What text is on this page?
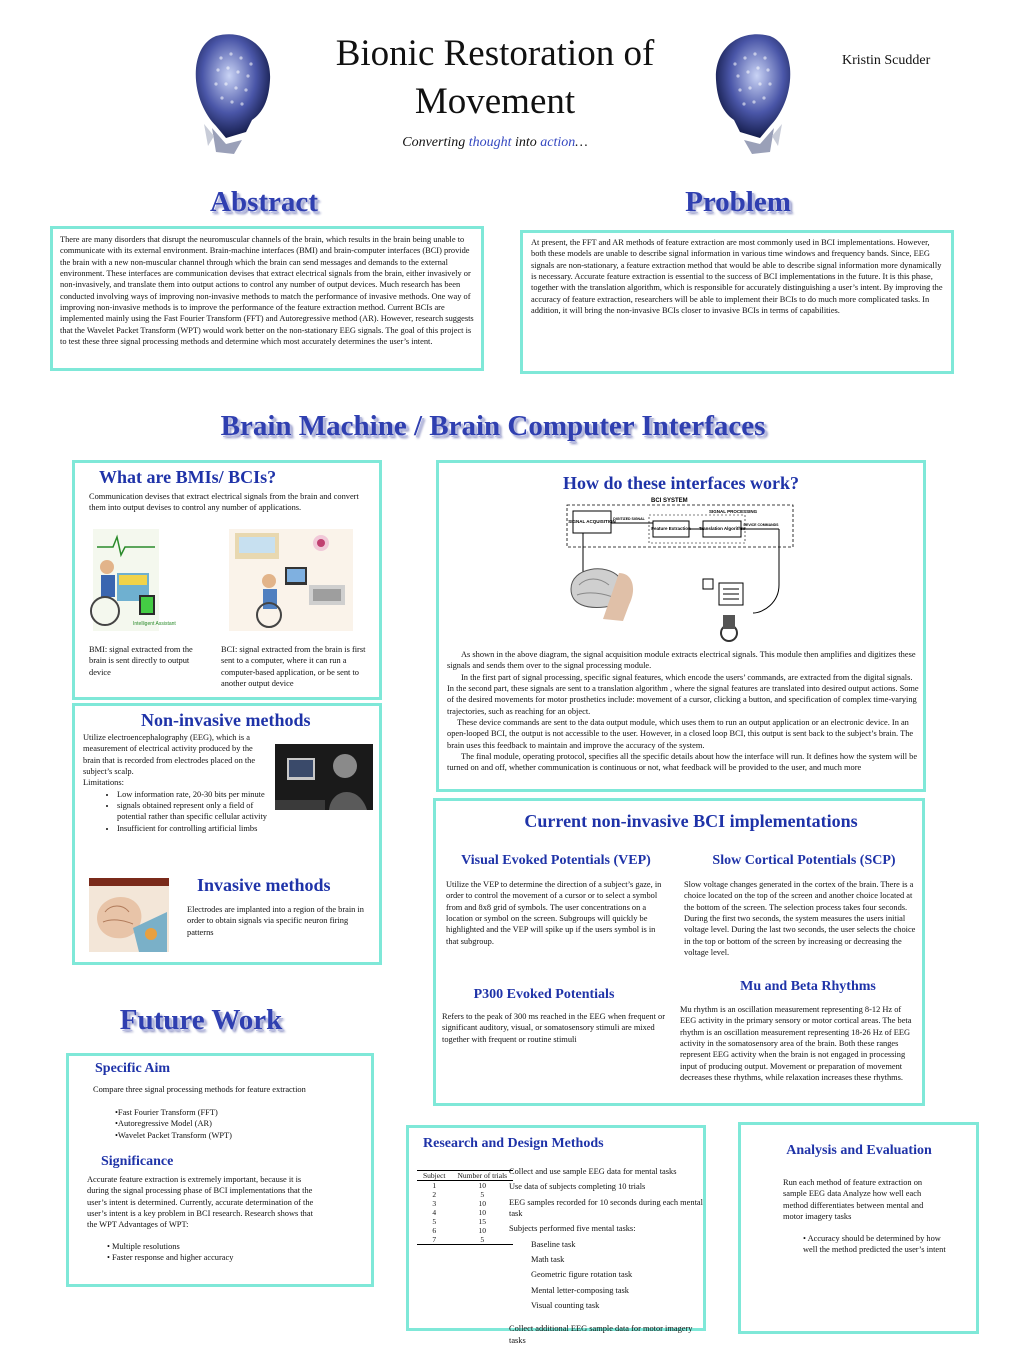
Bionic Restoration of Movement
Converting thought into action…
Kristin Scudder
Abstract
There are many disorders that disrupt the neuromuscular channels of the brain, which results in the brain being unable to communicate with its external environment. Brain-machine interfaces (BMI) and brain-computer interfaces (BCI) provide the brain with a new non-muscular channel through which the brain can send messages and demands to the external environment. These interfaces are communication devises that extract electrical signals from the brain, either invasively or non-invasively, and translate them into output actions to control any number of output devices. Much research has been conducted involving ways of improving non-invasive methods to match the performance of invasive methods. One way of improving non-invasive methods is to improve the performance of the feature extraction method. Current BCIs are implemented mainly using the Fast Fourier Transform (FFT) and Autoregressive method (AR). However, research suggests that the Wavelet Packet Transform (WPT) would work better on the non-stationary EEG signals. The goal of this project is to test these three signal processing methods and determine which most accurately determines the user’s intent.
Problem
At present, the FFT and AR methods of feature extraction are most commonly used in BCI implementations. However, both these models are unable to describe signal information in various time windows and frequency bands. Since, EEG signals are non-stationary, a feature extraction method that would be able to describe signal information more dynamically is necessary. Accurate feature extraction is essential to the success of BCI implementations in the future. It is this phase, together with the translation algorithm, which is responsible for accurately distinguishing a user’s intent. By improving the accuracy of feature extraction, researchers will be able to implement their BCIs to do much more complicated tasks. In addition, it will bring the non-invasive BCIs closer to invasive BCIs in terms of capabilities.
Brain Machine / Brain Computer Interfaces
What are BMIs/ BCIs?
Communication devises that extract electrical signals from the brain and convert them into output devises to control any number of applications.
Intelligent Assistant
BMI: signal extracted from the brain is sent directly to output device
BCI: signal extracted from the brain is first sent to a computer, where it can run a computer-based application, or be sent to another output device
Non-invasive methods
Utilize electroencephalography (EEG), which is a measurement of electrical activity produced by the brain that is recorded from electrodes placed on the subject’s scalp.
Limitations:
• Low information rate, 20-30 bits per minute
• signals obtained represent only a field of potential rather than specific cellular activity
• Insufficient for controlling artificial limbs
Invasive methods
Electrodes are implanted into a region of the brain in order to obtain signals via specific neuron firing patterns
How do these interfaces work?
BCI SYSTEM
SIGNAL PROCESSING
SIGNAL ACQUISITION
Feature Extraction Translation Algorithm
DIGITIZED SIGNAL
DEVICE COMMANDS
As shown in the above diagram, the signal acquisition module extracts electrical signals. This module then amplifies and digitizes these signals and sends them over to the signal processing module.
In the first part of signal processing, specific signal features, which encode the users’ commands, are extracted from the digital signals. In the second part, these signals are sent to a translation algorithm , where the signal features are translated into desired output actions. Some of the desired movements for motor prosthetics include: movement of a cursor, clicking a button, and specification of complex time-varying trajectories, such as reaching for an object.
These device commands are sent to the data output module, which uses them to run an output application or an electronic device. In an open-looped BCI, the output is not accessible to the user. However, in a closed loop BCI, this output is sent back to the subject’s brain. The brain uses this feedback to maintain and improve the accuracy of the system.
The final module, operating protocol, specifies all the specific details about how the interface will run. It defines how the system will be turned on and off, whether communication is continuous or not, what feedback will be provided to the user, and much more
Current non-invasive BCI implementations
Visual Evoked Potentials (VEP)
Utilize the VEP to determine the direction of a subject’s gaze, in order to control the movement of a cursor or to select a symbol from and 8x8 grid of symbols. The user concentrations on a location or symbol on the screen. Subgroups will quickly be highlighted and the VEP will spike up if the users symbol is in that subgroup.
Slow Cortical Potentials (SCP)
Slow voltage changes generated in the cortex of the brain. There is a choice located on the top of the screen and another choice located at the bottom of the screen. The selection process takes four seconds. During the first two seconds, the system measures the users initial voltage level. During the last two seconds, the user selects the choice in the top or bottom of the screen by increasing or decreasing the voltage level.
P300 Evoked Potentials
Refers to the peak of 300 ms reached in the EEG when frequent or significant auditory, visual, or somatosensory stimuli are mixed together with frequent or routine stimuli
Mu and Beta Rhythms
Mu rhythm is an oscillation measurement representing 8-12 Hz of EEG activity in the primary sensory or motor cortical areas. The beta rhythm is an oscillation measurement representing 18-26 Hz of EEG activity in the somatosensory area of the brain. Both these ranges represent EEG activity when the brain is not engaged in processing input of producing output. Movement or preparation of movement decreases these rhythms, while relaxation increases these rhythms.
Future Work
Specific Aim
Compare three signal processing methods for feature extraction
•Fast Fourier Transform (FFT)
•Autoregressive Model (AR)
•Wavelet Packet Transform (WPT)
Significance
Accurate feature extraction is extremely important, because it is during the signal processing phase of BCI implementations that the user’s intent is determined. Currently, accurate determination of the user’s intent is a key problem in BCI research. Research shows that the WPT Advantages of WPT:
• Multiple resolutions
• Faster response and higher accuracy
Research and Design Methods
Subject	Number of trials
1	10
2	5
3	10
4	10
5	15
6	10
7	5
Collect and use sample EEG data for mental tasks
Use data of subjects completing 10 trials
EEG samples recorded for 10 seconds during each mental task
Subjects performed five mental tasks:
Baseline task
Math task
Geometric figure rotation task
Mental letter-composing task
Visual counting task
Collect additional EEG sample data for motor imagery tasks
Analysis and Evaluation
Run each method of feature extraction on sample EEG data Analyze how well each method differentiates between mental and motor imagery tasks
• Accuracy should be determined by how well the method predicted the user’s intent
